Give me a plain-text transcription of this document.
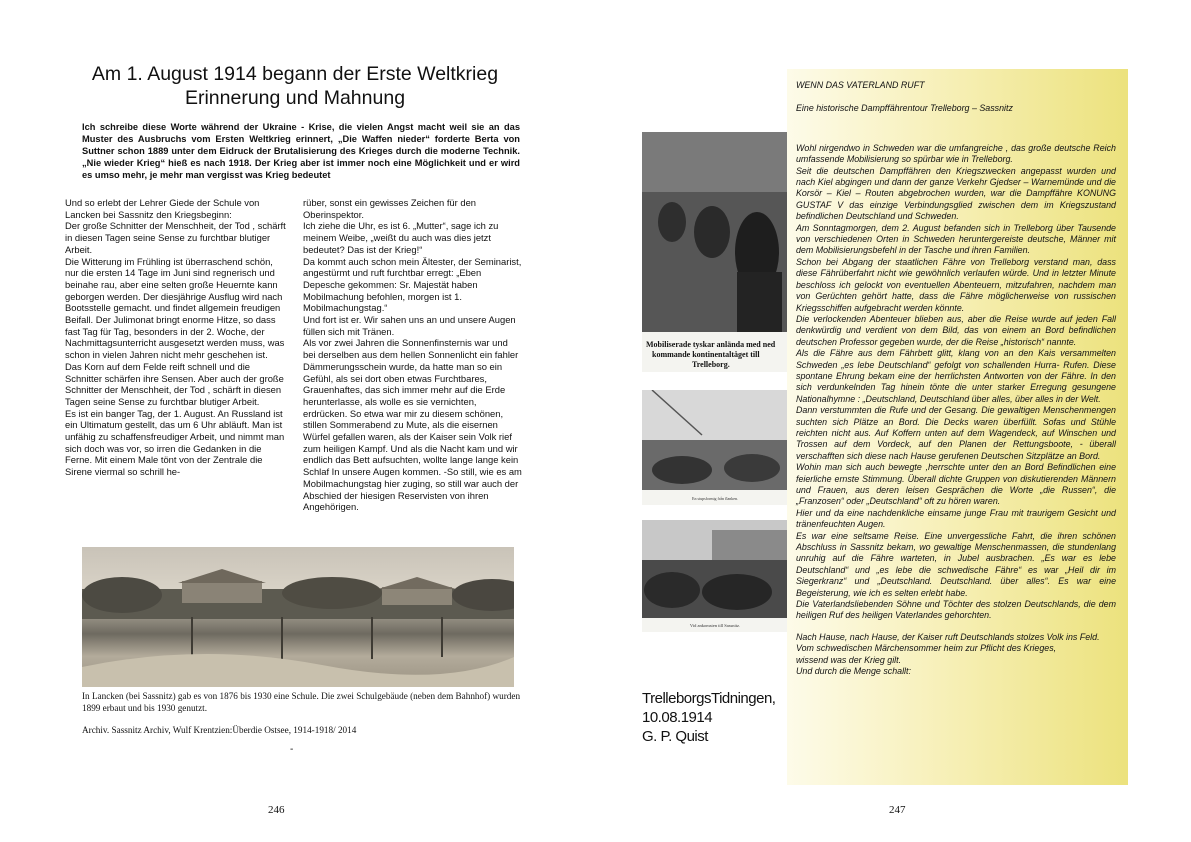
Am 1. August 1914 begann der Erste Weltkrieg
Erinnerung und Mahnung
Ich schreibe diese Worte während der Ukraine - Krise, die vielen Angst macht weil sie an das Muster des Ausbruchs vom Ersten Weltkrieg erinnert, „Die Waffen nieder“ forderte Berta von Suttner schon 1889 unter dem Eidruck der Brutalisierung des Krieges durch die moderne Technik. „Nie wieder Krieg“ hieß es nach 1918. Der Krieg aber ist immer noch eine Möglichkeit und er wird es umso mehr, je mehr man vergisst was Krieg bedeutet

Und so erlebt der Lehrer Giede der Schule von Lancken bei Sassnitz den Kriegsbeginn:

Der große Schnitter der Menschheit, der Tod , schärft in diesen Tagen seine Sense zu furchtbar blutiger Arbeit.

Die Witterung im Frühling ist überraschend schön, nur die ersten 14 Tage im Juni sind regnerisch und beinahe rau, aber eine selten große Heuernte kann geborgen werden. Der diesjährige Ausflug wird nach Bootsstelle gemacht. und findet allgemein freudigen Beifall. Der Julimonat bringt enorme Hitze, so dass fast Tag für Tag, besonders in der 2. Woche, der Nachmittagsunterricht ausgesetzt werden muss, was schon in vielen Jahren nicht mehr geschehen ist.

Das Korn auf dem Felde reift schnell und die Schnitter schärfen ihre Sensen. Aber auch der große Schnitter der Menschheit, der Tod , schärft in diesen Tagen seine Sense zu furchtbar blutiger Arbeit.

Es ist ein banger Tag, der 1. August. An Russland ist ein Ultimatum gestellt, das um 6 Uhr abläuft. Man ist unfähig zu schaffensfreudiger Arbeit, und nimmt man sich doch was vor, so irren die Gedanken in die Ferne. Mit einem Male tönt von der Zentrale die Sirene viermal so schrill he-

rüber, sonst ein gewisses Zeichen für den Oberinspektor.

Ich ziehe die Uhr, es ist 6. „Mutter“, sage ich zu meinem Weibe, „weißt du auch was dies jetzt bedeutet? Das ist der Krieg!“

Da kommt auch schon mein Ältester, der Seminarist, angestürmt und ruft furchtbar erregt: „Eben Depesche gekommen: Sr. Majestät haben Mobilmachung befohlen, morgen ist 1. Mobilmachungstag.“

Und fort ist er. Wir sahen uns an und unsere Augen füllen sich mit Tränen.

Als vor zwei Jahren die Sonnenfinsternis war und bei derselben aus dem hellen Sonnenlicht ein fahler Dämmerungsschein wurde, da hatte man so ein Gefühl, als sei dort oben etwas Furchtbares, Grauenhaftes, das sich immer mehr auf die Erde herunterlasse, als wolle es sie vernichten, erdrücken. So etwa war mir zu diesem schönen, stillen Sommerabend zu Mute, als die eisernen Würfel gefallen waren, als der Kaiser sein Volk rief zum heiligen Kampf. Und als die Nacht kam und wir endlich das Bett aufsuchten, wollte lange lange kein Schlaf In unsere Augen kommen. -So still, wie es am Mobilmachungstag hier zuging, so still war auch der Abschied der hiesigen Reservisten von ihren Angehörigen.

In Lancken (bei Sassnitz) gab es von 1876 bis 1930 eine Schule. Die zwei Schulgebäude (neben dem Bahnhof) wurden 1899 erbaut und bis 1930 genutzt.
Archiv. Sassnitz Archiv, Wulf Krentzien:Überdie Ostsee, 1914-1918/ 2014
-
246
Mobiliserade tyskar anlända med ned
kommande kontinentaltåget till
Trelleborg.
En stupsformig från flanken.
Vid ankomsten till Sassnitz.
TrelleborgsTidningen,
10.08.1914
G. P. Quist

WENN DAS VATERLAND RUFT

Eine historische Dampffährentour Trelleborg – Sassnitz

Wohl nirgendwo in Schweden war die umfangreiche , das große deutsche Reich umfassende Mobilisierung so spürbar wie in Trelleborg.

Seit die deutschen Dampffähren den Kriegszwecken angepasst wurden und nach Kiel abgingen und dann der ganze Verkehr Gjedser – Warnemünde und die Korsör – Kiel – Routen abgebrochen wurden, war die Dampffähre KONUNG GUSTAF V das einzige Verbindungsglied zwischen dem im Kriegszustand befindlichen Deutschland und Schweden.

Am Sonntagmorgen, dem 2. August befanden sich in Trelleborg über Tausende von verschiedenen Orten in Schweden heruntergereiste deutsche, Männer mit dem Mobilisierungsbefehl in der Tasche und ihren Familien.

Schon bei Abgang der staatlichen Fähre von Trelleborg verstand man, dass diese Fährüberfahrt nicht wie gewöhnlich verlaufen würde. Und in letzter Minute beschloss ich gelockt von eventuellen Abenteuern, mitzufahren, nachdem man von Gerüchten gehört hatte, dass die Fähre möglicherweise von russischen Kriegsschiffen aufgebracht werden könnte.

Die verlockenden Abenteuer blieben aus, aber die Reise wurde auf jeden Fall denkwürdig und verdient von dem Bild, das von einem an Bord befindlichen deutschen Professor gegeben wurde, der die Reise „historisch“ nannte.

Als die Fähre aus dem Fährbett glitt, klang von an den Kais versammelten Schweden „es lebe Deutschland“ gefolgt von schallenden Hurra- Rufen. Diese spontane Ehrung bekam eine der herrlichsten Antworten von der Fähre. In den sich verdunkelnden Tag hinein tönte die unter starker Erregung gesungene Nationalhymne : „Deutschland, Deutschland über alles, über alles in der Welt.

Dann verstummten die Rufe und der Gesang. Die gewaltigen Menschenmengen suchten sich Plätze an Bord. Die Decks waren überfüllt. Sofas und Stühle reichten nicht aus. Auf Koffern unten auf dem Wagendeck, auf Winschen und Trossen auf dem Vordeck, auf den Planen der Rettungsboote, - überall verschafften sich diese nach Hause gerufenen Deutschen Sitzplätze an Bord.

Wohin man sich auch bewegte ,herrschte unter den an Bord Befindlichen eine feierliche ernste Stimmung. Überall dichte Gruppen von diskutierenden Männern und Frauen, aus deren leisen Gesprächen die Worte „die Russen“, die „Franzosen“ oder „Deutschland“ oft zu hören waren.

Hier und da eine nachdenkliche einsame junge Frau mit traurigem Gesicht und tränenfeuchten Augen.

Es war eine seltsame Reise. Eine unvergessliche Fahrt, die ihren schönen Abschluss in Sassnitz bekam, wo gewaltige Menschenmassen, die stundenlang unruhig auf die Fähre warteten, in Jubel ausbrachen. „Es war es lebe Deutschland“ und „es lebe die schwedische Fähre“ es war „Heil dir im Siegerkranz“ und „Deutschland. Deutschland. über alles“. Es war eine Begeisterung, wie ich es selten erlebt habe.

Die Vaterlandsliebenden Söhne und Töchter des stolzen Deutschlands, die dem heiligen Ruf des heiligen Vaterlandes gehorchten.

Nach Hause, nach Hause, der Kaiser ruft Deutschlands stolzes Volk ins Feld.

Vom schwedischen Märchensommer heim zur Pflicht des Krieges,

wissend was der Krieg gilt.

Und durch die Menge schallt:

247
